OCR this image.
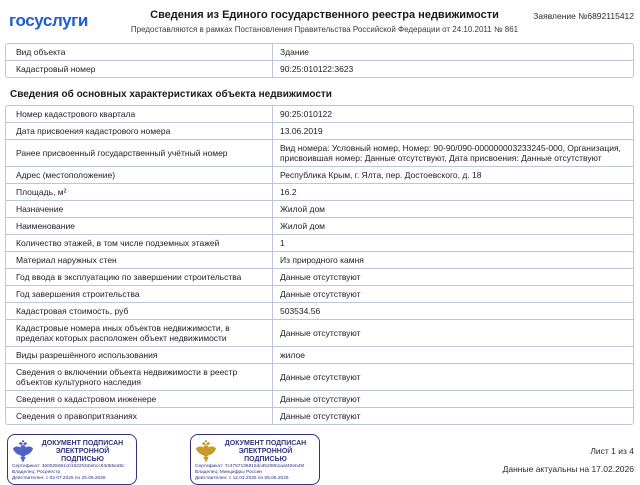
госуслуги	Сведения из Единого государственного реестра недвижимости
Предоставляются в рамках Постановления Правительства Российской Федерации от 24.10.2011 № 861
Заявление №6892115412
Вид объекта	Здание
Кадастровый номер	90:25:010122:3623
Сведения об основных характеристиках объекта недвижимости
Номер кадастрового квартала	90:25:010122
Дата присвоения кадастрового номера	13.06.2019
Ранее присвоенный государственный учётный номер	Вид номера: Условный номер, Номер: 90-90/090-000000003233245-000, Организация, присвоившая номер: Данные отсутствуют, Дата присвоения: Данные отсутствуют
Адрес (местоположение)	Республика Крым, г. Ялта, пер. Достоевского, д. 18
Площадь, м²	16.2
Назначение	Жилой дом
Наименование	Жилой дом
Количество этажей, в том числе подземных этажей	1
Материал наружных стен	Из природного камня
Год ввода в эксплуатацию по завершении строительства	Данные отсутствуют
Год завершения строительства	Данные отсутствуют
Кадастровая стоимость, руб	503534.56
Кадастровые номера иных объектов недвижимости, в пределах которых расположен объект недвижимости	Данные отсутствуют
Виды разрешённого использования	жилое
Сведения о включении объекта недвижимости в реестр объектов культурного наследия	Данные отсутствуют
Сведения о кадастровом инженере	Данные отсутствуют
Сведения о правопритязаниях	Данные отсутствуют
ДОКУМЕНТ ПОДПИСАН ЭЛЕКТРОННОЙ ПОДПИСЬЮ
Сертификат: 4b0528d61cb1622fcbbebcc63d55ed5c
Владелец: Росреестр
Действителен: с 02.07.2025 по 25.09.2026
ДОКУМЕНТ ПОДПИСАН ЭЛЕКТРОННОЙ ПОДПИСЬЮ
Сертификат: 7c4757136815dcd5208b1aaf40eb45f
Владелец: Минцифры России
Действителен: с 12.03.2025 по 05.06.2026
Лист 1 из 4
Данные актуальны на 17.02.2026
